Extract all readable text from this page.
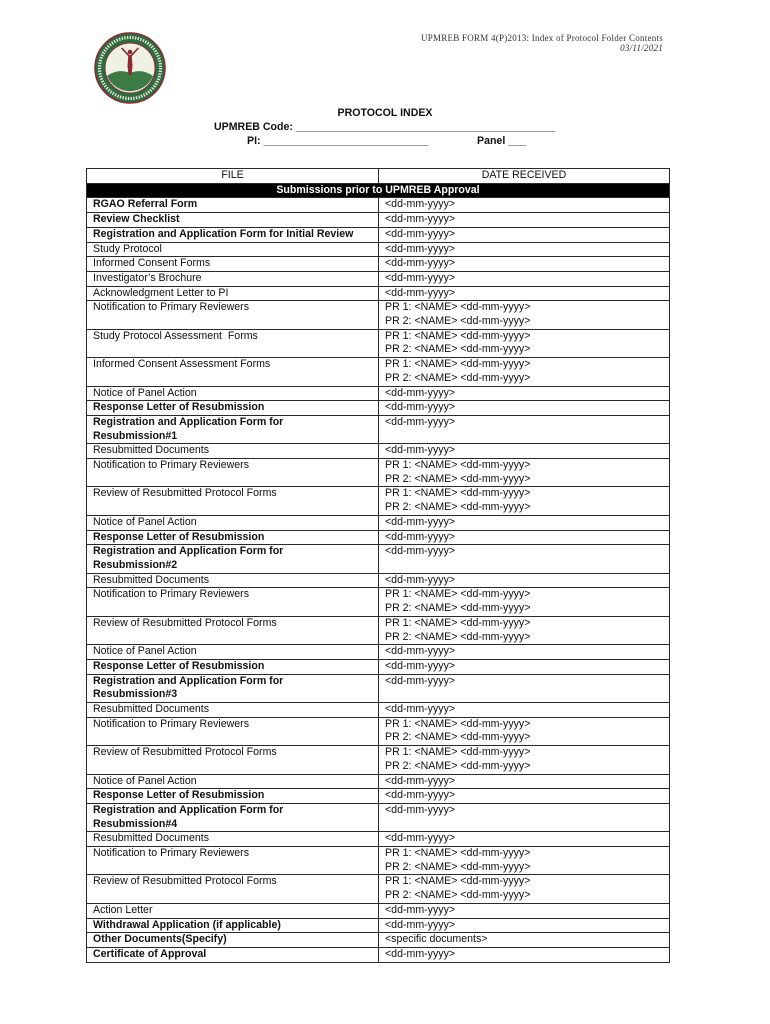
UPMREB FORM 4(P)2013: Index of Protocol Folder Contents
03/11/2021
PROTOCOL INDEX
UPMREB Code: ____________________________________________
PI: ____________________________	Panel ___
FILE	DATE RECEIVED
Submissions prior to UPMREB Approval	
RGAO Referral Form	<dd-mm-yyyy>
Review Checklist	<dd-mm-yyyy>
Registration and Application Form for Initial Review	<dd-mm-yyyy>
Study Protocol	<dd-mm-yyyy>
Informed Consent Forms	<dd-mm-yyyy>
Investigator’s Brochure	<dd-mm-yyyy>
Acknowledgment Letter to PI	<dd-mm-yyyy>
Notification to Primary Reviewers	PR 1: <NAME> <dd-mm-yyyy>
PR 2: <NAME> <dd-mm-yyyy>

Study Protocol Assessment  Forms	PR 1: <NAME> <dd-mm-yyyy>
PR 2: <NAME> <dd-mm-yyyy>

Informed Consent Assessment Forms	PR 1: <NAME> <dd-mm-yyyy>
PR 2: <NAME> <dd-mm-yyyy>

Notice of Panel Action	<dd-mm-yyyy>
Response Letter of Resubmission	<dd-mm-yyyy>
Registration and Application Form for
Resubmission#1	<dd-mm-yyyy>
Resubmitted Documents	<dd-mm-yyyy>
Notification to Primary Reviewers	PR 1: <NAME> <dd-mm-yyyy>
PR 2: <NAME> <dd-mm-yyyy>

Review of Resubmitted Protocol Forms	PR 1: <NAME> <dd-mm-yyyy>
PR 2: <NAME> <dd-mm-yyyy>

Notice of Panel Action	<dd-mm-yyyy>
Response Letter of Resubmission	<dd-mm-yyyy>
Registration and Application Form for
Resubmission#2	<dd-mm-yyyy>
Resubmitted Documents	<dd-mm-yyyy>
Notification to Primary Reviewers	PR 1: <NAME> <dd-mm-yyyy>
PR 2: <NAME> <dd-mm-yyyy>

Review of Resubmitted Protocol Forms	PR 1: <NAME> <dd-mm-yyyy>
PR 2: <NAME> <dd-mm-yyyy>

Notice of Panel Action	<dd-mm-yyyy>
Response Letter of Resubmission	<dd-mm-yyyy>
Registration and Application Form for
Resubmission#3	<dd-mm-yyyy>
Resubmitted Documents	<dd-mm-yyyy>
Notification to Primary Reviewers	PR 1: <NAME> <dd-mm-yyyy>
PR 2: <NAME> <dd-mm-yyyy>

Review of Resubmitted Protocol Forms	PR 1: <NAME> <dd-mm-yyyy>
PR 2: <NAME> <dd-mm-yyyy>

Notice of Panel Action	<dd-mm-yyyy>
Response Letter of Resubmission	<dd-mm-yyyy>
Registration and Application Form for
Resubmission#4	<dd-mm-yyyy>
Resubmitted Documents	<dd-mm-yyyy>
Notification to Primary Reviewers	PR 1: <NAME> <dd-mm-yyyy>
PR 2: <NAME> <dd-mm-yyyy>

Review of Resubmitted Protocol Forms	PR 1: <NAME> <dd-mm-yyyy>
PR 2: <NAME> <dd-mm-yyyy>

Action Letter	<dd-mm-yyyy>
Withdrawal Application (if applicable)	<dd-mm-yyyy>
Other Documents(Specify)	<specific documents>
Certificate of Approval	<dd-mm-yyyy>
